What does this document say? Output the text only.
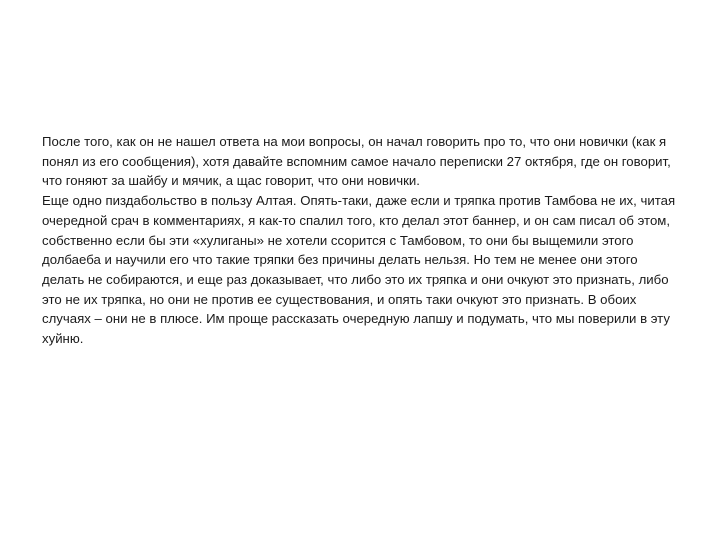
После того, как он не нашел ответа на мои вопросы, он начал говорить про то, что они новички (как я понял из его сообщения), хотя давайте вспомним самое начало переписки 27 октября, где он говорит, что гоняют за шайбу и мячик, а щас говорит, что они новички.

Еще одно пиздабольство в пользу Алтая. Опять-таки, даже если и тряпка против Тамбова не их, читая очередной срач в комментариях, я как-то спалил того, кто делал этот баннер, и он сам писал об этом, собственно если бы эти «хулиганы» не хотели ссорится с Тамбовом, то они бы выщемили этого долбаеба и научили его что такие тряпки без причины делать нельзя. Но тем не менее они этого делать не собираются, и еще раз доказывает, что либо это их тряпка и они очкуют это признать, либо это не их тряпка, но они не против ее существования, и опять таки очкуют это признать. В обоих случаях – они не в плюсе. Им проще рассказать очередную лапшу и подумать, что мы поверили в эту хуйню.
